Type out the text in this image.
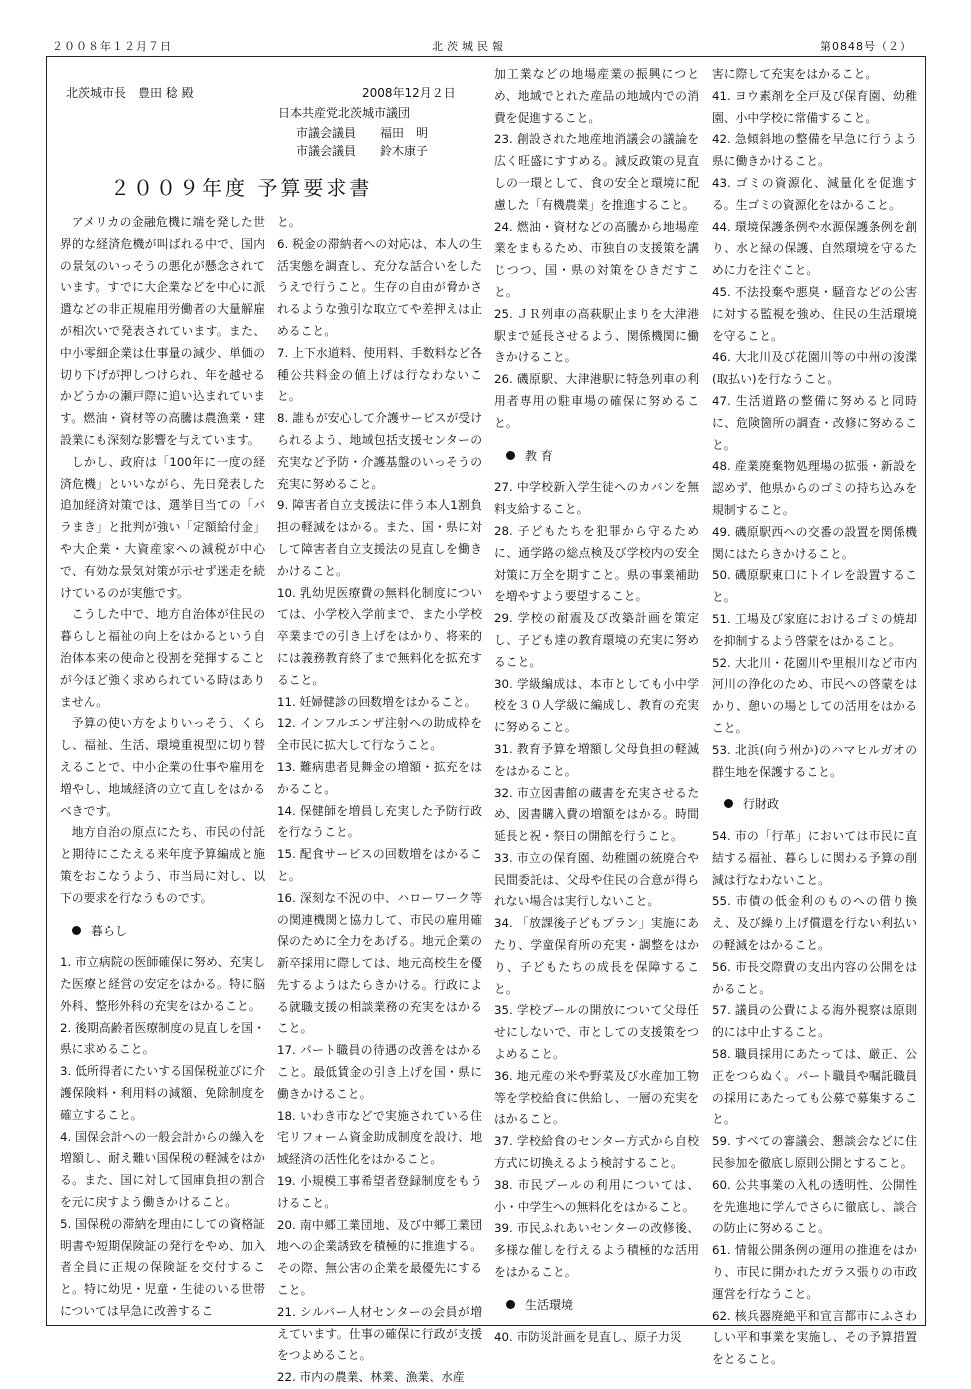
２００８年１２月７日	北茨城民報	第0848号（２）
北茨城市長　豊田 稔 殿	2008年12月２日
日本共産党北茨城市議団
市議会議員　　福田　明
市議会議員　　鈴木康子
２００９年度 予算要求書

アメリカの金融危機に端を発した世界的な経済危機が叫ばれる中で、国内の景気のいっそうの悪化が懸念されています。すでに大企業などを中心に派遣などの非正規雇用労働者の大量解雇が相次いで発表されています。また、中小零細企業は仕事量の減少、単価の切り下げが押しつけられ、年を越せるかどうかの瀬戸際に追い込まれています。燃油・資材等の高騰は農漁業・建設業にも深刻な影響を与えています。

しかし、政府は「100年に一度の経済危機」といいながら、先日発表した追加経済対策では、選挙目当ての「バラまき」と批判が強い「定額給付金」や大企業・大資産家への減税が中心で、有効な景気対策が示せず迷走を続けているのが実態です。

こうした中で、地方自治体が住民の暮らしと福祉の向上をはかるという自治体本来の使命と役割を発揮することが今ほど強く求められている時はありません。

予算の使い方をよりいっそう、くらし、福祉、生活、環境重視型に切り替えることで、中小企業の仕事や雇用を増やし、地域経済の立て直しをはかるべきです。

地方自治の原点にたち、市民の付託と期待にこたえる来年度予算編成と施策をおこなうよう、市当局に対し、以下の要求を行なうものです。

暮らし
1. 市立病院の医師確保に努め、充実した医療と経営の安定をはかる。特に脳外科、整形外科の充実をはかること。
2. 後期高齢者医療制度の見直しを国・県に求めること。
3. 低所得者にたいする国保税並びに介護保険料・利用料の減額、免除制度を確立すること。
4. 国保会計への一般会計からの繰入を増額し、耐え難い国保税の軽減をはかる。また、国に対して国庫負担の割合を元に戻すよう働きかけること。
5. 国保税の滞納を理由にしての資格証明書や短期保険証の発行をやめ、加入者全員に正規の保険証を交付すること。特に幼児・児童・生徒のいる世帯については早急に改善するこ
と。
6. 税金の滞納者への対応は、本人の生活実態を調査し、充分な話合いをしたうえで行うこと。生存の自由が脅かされるような強引な取立てや差押えは止めること。
7. 上下水道料、使用料、手数料など各種公共料金の値上げは行なわないこと。
8. 誰もが安心して介護サービスが受けられるよう、地域包括支援センターの充実など予防・介護基盤のいっそうの充実に努めること。
9. 障害者自立支援法に伴う本人1割負担の軽減をはかる。また、国・県に対して障害者自立支援法の見直しを働きかけること。
10. 乳幼児医療費の無料化制度については、小学校入学前まで、また小学校卒業までの引き上げをはかり、将来的には義務教育終了まで無料化を拡充すること。
11. 妊婦健診の回数増をはかること。
12. インフルエンザ注射への助成枠を全市民に拡大して行なうこと。
13. 難病患者見舞金の増額・拡充をはかること。
14. 保健師を増員し充実した予防行政を行なうこと。
15. 配食サービスの回数増をはかること。
16. 深刻な不況の中、ハローワーク等の関連機関と協力して、市民の雇用確保のために全力をあげる。地元企業の新卒採用に際しては、地元高校生を優先するようはたらきかける。行政による就職支援の相談業務の充実をはかること。
17. パート職員の待遇の改善をはかること。最低賃金の引き上げを国・県に働きかけること。
18. いわき市などで実施されている住宅リフォーム資金助成制度を設け、地域経済の活性化をはかること。
19. 小規模工事希望者登録制度をもうけること。
20. 南中郷工業団地、及び中郷工業団地への企業誘致を積極的に推進する。その際、無公害の企業を最優先にすること。
21. シルバー人材センターの会員が増えています。仕事の確保に行政が支援をつよめること。
22. 市内の農業、林業、漁業、水産
加工業などの地場産業の振興につとめ、地域でとれた産品の地域内での消費を促進すること。
23. 創設された地産地消議会の議論を広く旺盛にすすめる。減反政策の見直しの一環として、食の安全と環境に配慮した「有機農業」を推進すること。
24. 燃油・資材などの高騰から地場産業をまもるため、市独自の支援策を講じつつ、国・県の対策をひきだすこと。
25. ＪＲ列車の高萩駅止まりを大津港駅まで延長させるよう、関係機関に働きかけること。
26. 磯原駅、大津港駅に特急列車の利用者専用の駐車場の確保に努めること。
教 育
27. 中学校新入学生徒へのカバンを無料支給すること。
28. 子どもたちを犯罪から守るために、通学路の総点検及び学校内の安全対策に万全を期すこと。県の事業補助を増やすよう要望すること。
29. 学校の耐震及び改築計画を策定し、子ども達の教育環境の充実に努めること。
30. 学級編成は、本市としても小中学校を３０人学級に編成し、教育の充実に努めること。
31. 教育予算を増額し父母負担の軽減をはかること。
32. 市立図書館の蔵書を充実させるため、図書購入費の増額をはかる。時間延長と祝・祭日の開館を行うこと。
33. 市立の保育園、幼稚園の統廃合や民間委託は、父母や住民の合意が得られない場合は実行しないこと。
34. 「放課後子どもプラン」実施にあたり、学童保育所の充実・調整をはかり、子どもたちの成長を保障すること。
35. 学校プールの開放について父母任せにしないで、市としての支援策をつよめること。
36. 地元産の米や野菜及び水産加工物等を学校給食に供給し、一層の充実をはかること。
37. 学校給食のセンター方式から自校方式に切換えるよう検討すること。
38. 市民プールの利用については、小・中学生への無料化をはかること。
39. 市民ふれあいセンターの改修後、多様な催しを行えるよう積極的な活用をはかること。
生活環境
40. 市防災計画を見直し、原子力災
害に際して充実をはかること。
41. ヨウ素剤を全戸及び保育園、幼稚園、小中学校に常備すること。
42. 急傾斜地の整備を早急に行うよう県に働きかけること。
43. ゴミの資源化、減量化を促進する。生ゴミの資源化をはかること。
44. 環境保護条例や水源保護条例を創り、水と緑の保護、自然環境を守るために力を注ぐこと。
45. 不法投棄や悪臭・騒音などの公害に対する監視を強め、住民の生活環境を守ること。
46. 大北川及び花園川等の中州の浚渫(取払い)を行なうこと。
47. 生活道路の整備に努めると同時に、危険箇所の調査・改修に努めること。
48. 産業廃棄物処理場の拡張・新設を認めず、他県からのゴミの持ち込みを規制すること。
49. 磯原駅西への交番の設置を関係機関にはたらきかけること。
50. 磯原駅東口にトイレを設置すること。
51. 工場及び家庭におけるゴミの焼却を抑制するよう啓蒙をはかること。
52. 大北川・花園川や里根川など市内河川の浄化のため、市民への啓蒙をはかり、憩いの場としての活用をはかること。
53. 北浜(向う州か)のハマヒルガオの群生地を保護すること。
行財政
54. 市の「行革」においては市民に直結する福祉、暮らしに関わる予算の削減は行なわないこと。
55. 市債の低金利のものへの借り換え、及び繰り上げ償還を行ない利払いの軽減をはかること。
56. 市長交際費の支出内容の公開をはかること。
57. 議員の公費による海外視察は原則的には中止すること。
58. 職員採用にあたっては、厳正、公正をつらぬく。パート職員や嘱託職員の採用にあたっても公募で募集すること。
59. すべての審議会、懇談会などに住民参加を徹底し原則公開とすること。
60. 公共事業の入札の透明性、公開性を先進地に学んでさらに徹底し、談合の防止に努めること。
61. 情報公開条例の運用の推進をはかり、市民に開かれたガラス張りの市政運営を行なうこと。
62. 核兵器廃絶平和宣言都市にふさわしい平和事業を実施し、その予算措置をとること。
